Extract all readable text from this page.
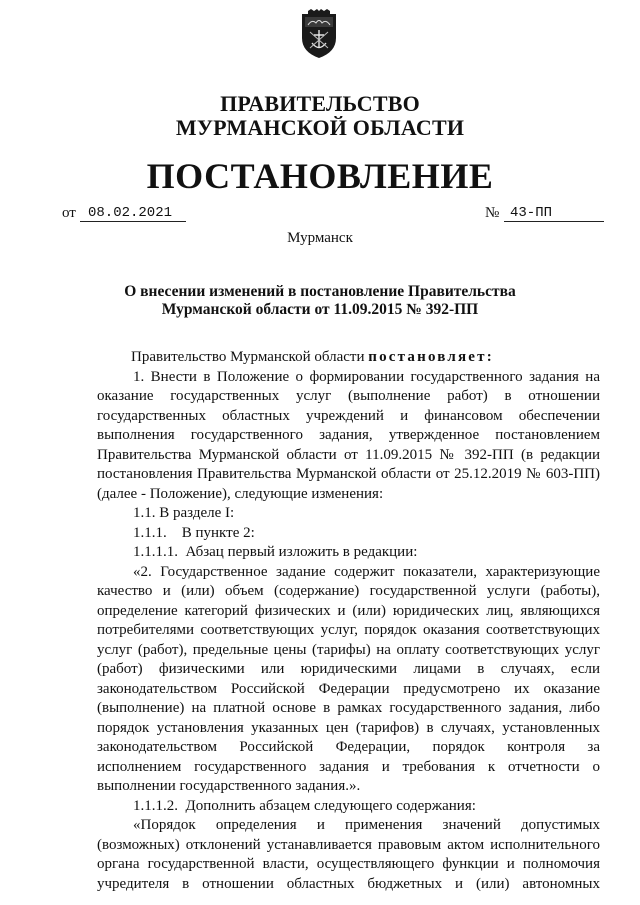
ПРАВИТЕЛЬСТВО
МУРМАНСКОЙ ОБЛАСТИ
ПОСТАНОВЛЕНИЕ
от 08.02.2021	№ 43-ПП
Мурманск
О внесении изменений в постановление Правительства
Мурманской области от 11.09.2015 № 392-ПП

Правительство Мурманской области постановляет:

1. Внести в Положение о формировании государственного задания на

оказание государственных услуг (выполнение работ) в отношении

государственных областных учреждений и финансовом обеспечении

выполнения государственного задания, утвержденное постановлением

Правительства Мурманской области от 11.09.2015 № 392-ПП (в редакции

постановления Правительства Мурманской области от 25.12.2019 № 603-ПП)

(далее - Положение), следующие изменения:

1.1. В разделе I:

1.1.1.    В пункте 2:

1.1.1.1.  Абзац первый изложить в редакции:

«2. Государственное задание содержит показатели, характеризующие

качество и (или) объем (содержание) государственной услуги (работы),

определение категорий физических и (или) юридических лиц, являющихся

потребителями соответствующих услуг, порядок оказания соответствующих

услуг (работ), предельные цены (тарифы) на оплату соответствующих услуг

(работ) физическими или юридическими лицами в случаях, если

законодательством Российской Федерации предусмотрено их оказание

(выполнение) на платной основе в рамках государственного задания, либо

порядок установления указанных цен (тарифов) в случаях, установленных

законодательством Российской Федерации, порядок контроля за

исполнением государственного задания и требования к отчетности о

выполнении государственного задания.».

1.1.1.2.  Дополнить абзацем следующего содержания:

«Порядок определения и применения значений допустимых

(возможных) отклонений устанавливается правовым актом исполнительного

органа государственной власти, осуществляющего функции и полномочия

учредителя в отношении областных бюджетных и (или) автономных
